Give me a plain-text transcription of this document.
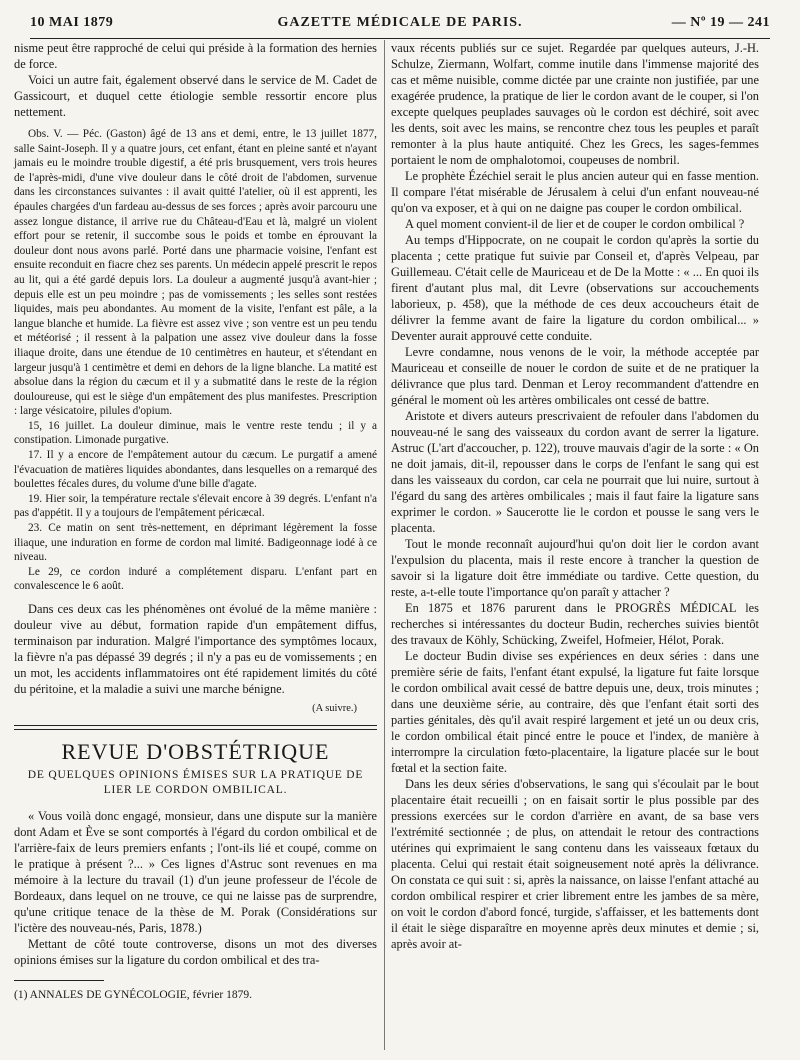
10 MAI 1879	GAZETTE MÉDICALE DE PARIS.	— Nº 19 — 241

nisme peut être rapproché de celui qui préside à la formation des hernies de force.

Voici un autre fait, également observé dans le service de M. Cadet de Gassicourt, et duquel cette étiologie semble ressortir encore plus nettement.

Obs. V. — Péc. (Gaston) âgé de 13 ans et demi, entre, le 13 juillet 1877, salle Saint-Joseph. Il y a quatre jours, cet enfant, étant en pleine santé et n'ayant jamais eu le moindre trouble digestif, a été pris brusquement, vers trois heures de l'après-midi, d'une vive douleur dans le côté droit de l'abdomen, survenue dans les circonstances suivantes : il avait quitté l'atelier, où il est apprenti, les épaules chargées d'un fardeau au-dessus de ses forces ; après avoir parcouru une assez longue distance, il arrive rue du Château-d'Eau et là, malgré un violent effort pour se retenir, il succombe sous le poids et tombe en éprouvant la douleur dont nous avons parlé. Porté dans une pharmacie voisine, l'enfant est ensuite reconduit en fiacre chez ses parents. Un médecin appelé prescrit le repos au lit, qui a été gardé depuis lors. La douleur a augmenté jusqu'à avant-hier ; depuis elle est un peu moindre ; pas de vomissements ; les selles sont restées liquides, mais peu abondantes. Au moment de la visite, l'enfant est pâle, a la langue blanche et humide. La fièvre est assez vive ; son ventre est un peu tendu et météorisé ; il ressent à la palpation une assez vive douleur dans la fosse iliaque droite, dans une étendue de 10 centimètres en hauteur, et s'étendant en largeur jusqu'à 1 centimètre et demi en dehors de la ligne blanche. La matité est absolue dans la région du cæcum et il y a submatité dans le reste de la région douloureuse, qui est le siège d'un empâtement des plus manifestes. Prescription : large vésicatoire, pilules d'opium.

15, 16 juillet. La douleur diminue, mais le ventre reste tendu ; il y a constipation. Limonade purgative.

17. Il y a encore de l'empâtement autour du cæcum. Le purgatif a amené l'évacuation de matières liquides abondantes, dans lesquelles on a remarqué des boulettes fécales dures, du volume d'une bille d'agate.

19. Hier soir, la température rectale s'élevait encore à 39 degrés. L'enfant n'a pas d'appétit. Il y a toujours de l'empâtement péricæcal.

23. Ce matin on sent très-nettement, en déprimant légèrement la fosse iliaque, une induration en forme de cordon mal limité. Badigeonnage iodé à ce niveau.

Le 29, ce cordon induré a complétement disparu. L'enfant part en convalescence le 6 août.

Dans ces deux cas les phénomènes ont évolué de la même manière : douleur vive au début, formation rapide d'un empâtement diffus, terminaison par induration. Malgré l'importance des symptômes locaux, la fièvre n'a pas dépassé 39 degrés ; il n'y a pas eu de vomissements ; en un mot, les accidents inflammatoires ont été rapidement limités du côté du péritoine, et la maladie a suivi une marche bénigne.

(A suivre.)
REVUE D'OBSTÉTRIQUE
DE QUELQUES OPINIONS ÉMISES SUR LA PRATIQUE DE LIER LE CORDON OMBILICAL.

« Vous voilà donc engagé, monsieur, dans une dispute sur la manière dont Adam et Ève se sont comportés à l'égard du cordon ombilical et de l'arrière-faix de leurs premiers enfants ; l'ont-ils lié et coupé, comme on le pratique à présent ?... » Ces lignes d'Astruc sont revenues en ma mémoire à la lecture du travail (1) d'un jeune professeur de l'école de Bordeaux, dans lequel on ne trouve, ce qui ne laisse pas de surprendre, qu'une critique tenace de la thèse de M. Porak (Considérations sur l'ictère des nouveau-nés, Paris, 1878.)

Mettant de côté toute controverse, disons un mot des diverses opinions émises sur la ligature du cordon ombilical et des tra-

(1) ANNALES DE GYNÉCOLOGIE, février 1879.

vaux récents publiés sur ce sujet. Regardée par quelques auteurs, J.-H. Schulze, Ziermann, Wolfart, comme inutile dans l'immense majorité des cas et même nuisible, comme dictée par une crainte non justifiée, par une exagérée prudence, la pratique de lier le cordon avant de le couper, si l'on excepte quelques peuplades sauvages où le cordon est déchiré, soit avec les dents, soit avec les mains, se rencontre chez tous les peuples et paraît remonter à la plus haute antiquité. Chez les Grecs, les sages-femmes portaient le nom de omphalotomoi, coupeuses de nombril.

Le prophète Ézéchiel serait le plus ancien auteur qui en fasse mention. Il compare l'état misérable de Jérusalem à celui d'un enfant nouveau-né qu'on va exposer, et à qui on ne daigne pas couper le cordon ombilical.

A quel moment convient-il de lier et de couper le cordon ombilical ?

Au temps d'Hippocrate, on ne coupait le cordon qu'après la sortie du placenta ; cette pratique fut suivie par Conseil et, d'après Velpeau, par Guillemeau. C'était celle de Mauriceau et de De la Motte : « ... En quoi ils firent d'autant plus mal, dit Levre (observations sur accouchements laborieux, p. 458), que la méthode de ces deux accoucheurs était de délivrer la femme avant de faire la ligature du cordon ombilical... » Deventer aurait approuvé cette conduite.

Levre condamne, nous venons de le voir, la méthode acceptée par Mauriceau et conseille de nouer le cordon de suite et de ne pratiquer la délivrance que plus tard. Denman et Leroy recommandent d'attendre en général le moment où les artères ombilicales ont cessé de battre.

Aristote et divers auteurs prescrivaient de refouler dans l'abdomen du nouveau-né le sang des vaisseaux du cordon avant de serrer la ligature. Astruc (L'art d'accoucher, p. 122), trouve mauvais d'agir de la sorte : « On ne doit jamais, dit-il, repousser dans le corps de l'enfant le sang qui est dans les vaisseaux du cordon, car cela ne pourrait que lui nuire, surtout à l'égard du sang des artères ombilicales ; mais il faut faire la ligature sans exprimer le cordon. » Saucerotte lie le cordon et pousse le sang vers le placenta.

Tout le monde reconnaît aujourd'hui qu'on doit lier le cordon avant l'expulsion du placenta, mais il reste encore à trancher la question de savoir si la ligature doit être immédiate ou tardive. Cette question, du reste, a-t-elle toute l'importance qu'on paraît y attacher ?

En 1875 et 1876 parurent dans le PROGRÈS MÉDICAL les recherches si intéressantes du docteur Budin, recherches suivies bientôt des travaux de Köhly, Schücking, Zweifel, Hofmeier, Hélot, Porak.

Le docteur Budin divise ses expériences en deux séries : dans une première série de faits, l'enfant étant expulsé, la ligature fut faite lorsque le cordon ombilical avait cessé de battre depuis une, deux, trois minutes ; dans une deuxième série, au contraire, dès que l'enfant était sorti des parties génitales, dès qu'il avait respiré largement et jeté un ou deux cris, le cordon ombilical était pincé entre le pouce et l'index, de manière à interrompre la circulation fœto-placentaire, la ligature placée sur le bout fœtal et la section faite.

Dans les deux séries d'observations, le sang qui s'écoulait par le bout placentaire était recueilli ; on en faisait sortir le plus possible par des pressions exercées sur le cordon d'arrière en avant, de sa base vers l'extrémité sectionnée ; de plus, on attendait le retour des contractions utérines qui exprimaient le sang contenu dans les vaisseaux fœtaux du placenta. Celui qui restait était soigneusement noté après la délivrance. On constata ce qui suit : si, après la naissance, on laisse l'enfant attaché au cordon ombilical respirer et crier librement entre les jambes de sa mère, on voit le cordon d'abord foncé, turgide, s'affaisser, et les battements dont il était le siège disparaître en moyenne après deux minutes et demie ; si, après avoir at-
